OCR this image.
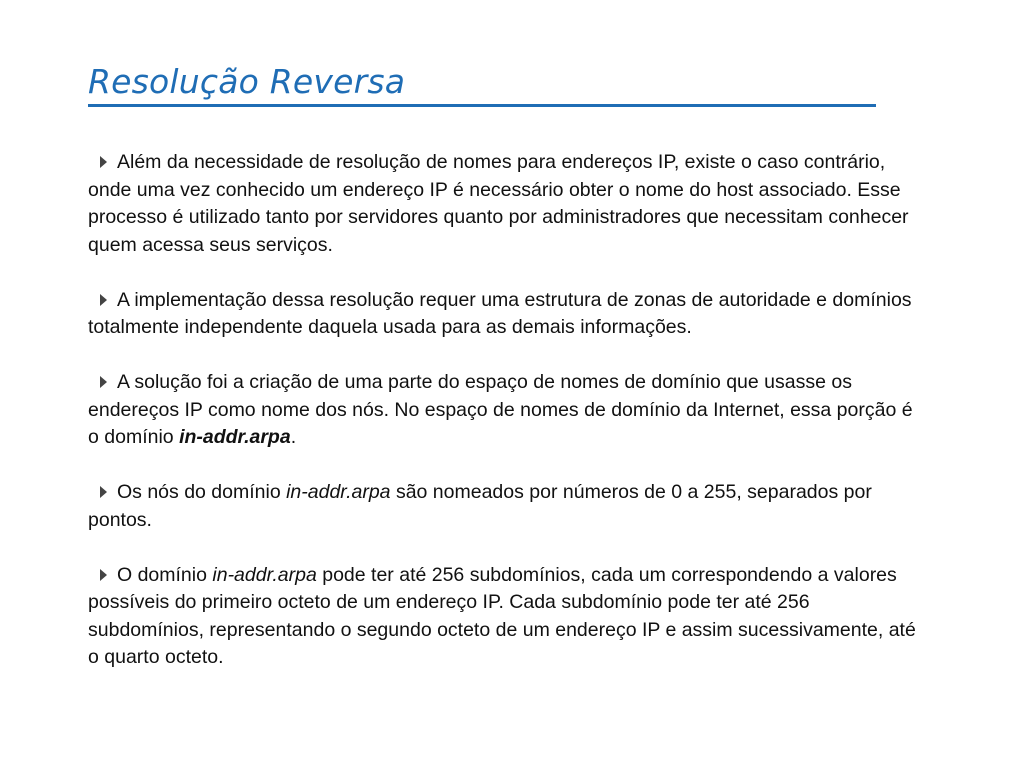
Resolução Reversa

Além da necessidade de resolução de nomes para endereços IP, existe o caso contrário, onde uma vez conhecido um endereço IP é necessário obter o nome do host associado. Esse processo é utilizado tanto por servidores quanto por administradores que necessitam conhecer quem acessa seus serviços.

A implementação dessa resolução requer uma estrutura de zonas de autoridade e domínios totalmente independente daquela usada para as demais informações.

A solução foi a criação de uma parte do espaço de nomes de domínio que usasse os endereços IP como nome dos nós. No espaço de nomes de domínio da Internet, essa porção é o domínio in-addr.arpa.

Os nós do domínio in-addr.arpa são nomeados por números de 0 a 255, separados por pontos.

O domínio in-addr.arpa pode ter até 256 subdomínios, cada um correspondendo a valores possíveis do primeiro octeto de um endereço IP. Cada subdomínio pode ter até 256 subdomínios, representando o segundo octeto de um endereço IP e assim sucessivamente, até o quarto octeto.
